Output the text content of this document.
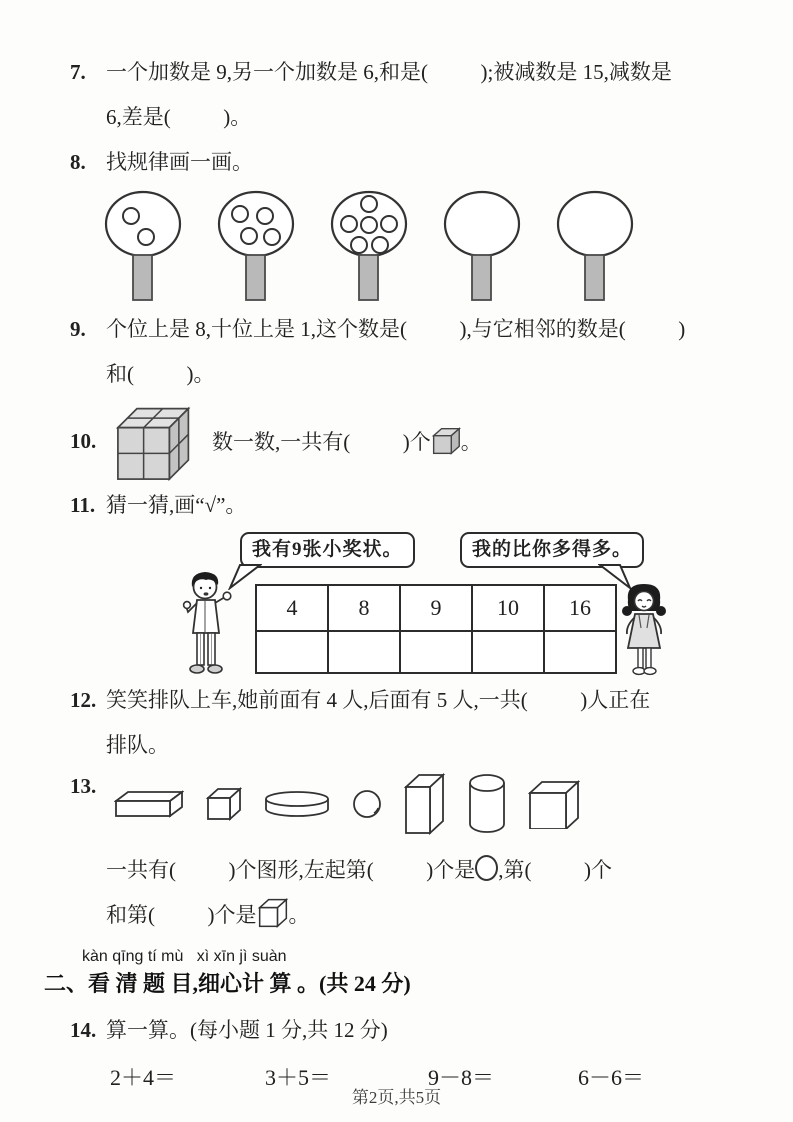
7. 一个加数是 9,另一个加数是 6,和是(          );被减数是 15,减数是
6,差是(          )。
8. 找规律画一画。
9. 个位上是 8,十位上是 1,这个数是(          ),与它相邻的数是(          )
和(          )。
10.	数一数,一共有(          )个 。
11. 猜一猜,画“√”。
我有9张小奖状。	我的比你多得多。
4	8	9	10	16

12. 笑笑排队上车,她前面有 4 人,后面有 5 人,一共(          )人正在
排队。
13.
一共有(          )个图形,左起第(          )个是 ,第(          )个
和第(          )个是 。
kàn qīng tí mù   xì xīn jì suàn
二、看 清 题 目,细心计 算 。(共 24 分)
14. 算一算。(每小题 1 分,共 12 分)
2＋4＝	3＋5＝	9－8＝	6－6＝
第2页,共5页
